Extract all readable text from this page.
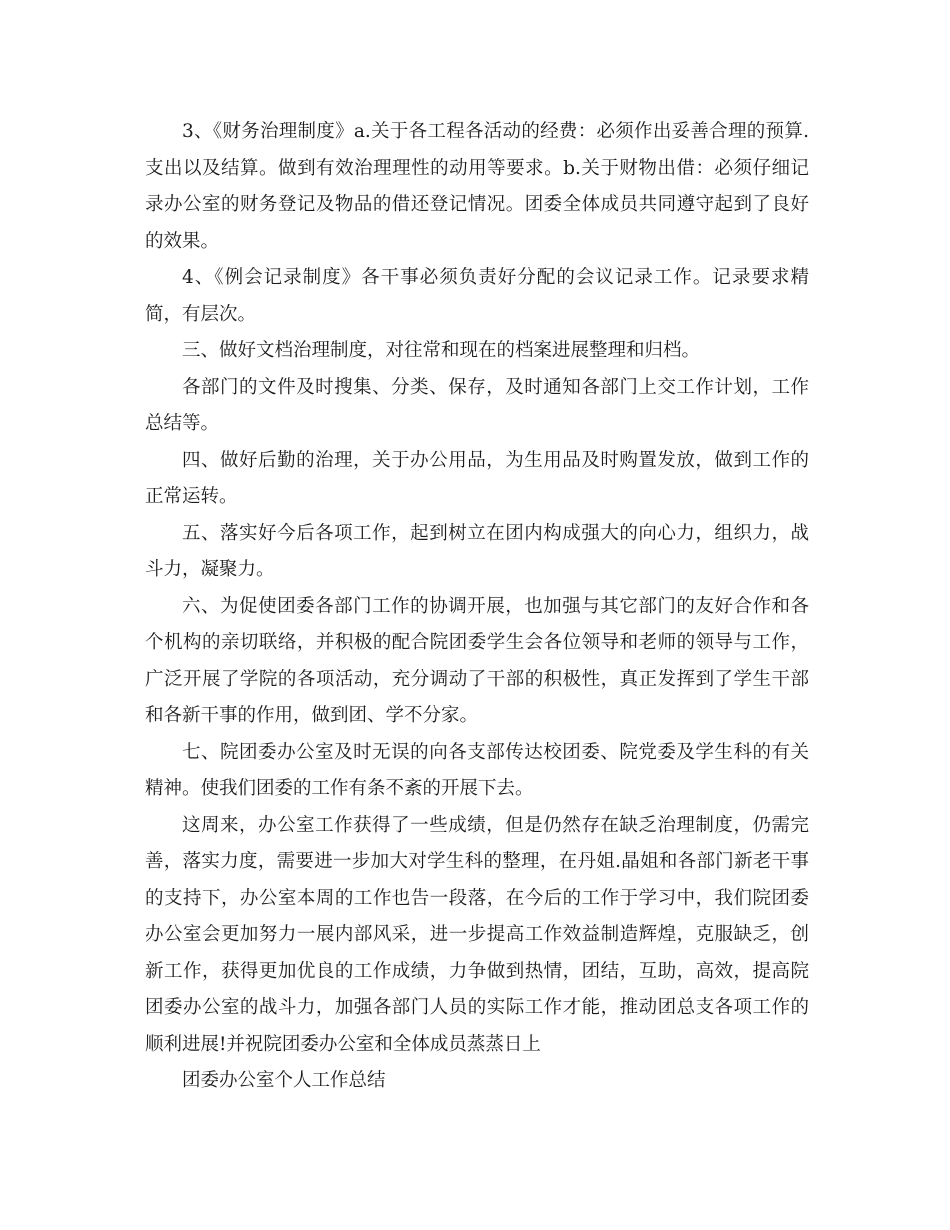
3、《财务治理制度》a.关于各工程各活动的经费：必须作出妥善合理的预算.支出以及结算。做到有效治理理性的动用等要求。b.关于财物出借：必须仔细记录办公室的财务登记及物品的借还登记情况。团委全体成员共同遵守起到了良好的效果。

4、《例会记录制度》各干事必须负责好分配的会议记录工作。记录要求精简，有层次。

三、做好文档治理制度，对往常和现在的档案进展整理和归档。

各部门的文件及时搜集、分类、保存，及时通知各部门上交工作计划，工作总结等。

四、做好后勤的治理，关于办公用品，为生用品及时购置发放，做到工作的正常运转。

五、落实好今后各项工作，起到树立在团内构成强大的向心力，组织力，战斗力，凝聚力。

六、为促使团委各部门工作的协调开展，也加强与其它部门的友好合作和各个机构的亲切联络，并积极的配合院团委学生会各位领导和老师的领导与工作，广泛开展了学院的各项活动，充分调动了干部的积极性，真正发挥到了学生干部和各新干事的作用，做到团、学不分家。

七、院团委办公室及时无误的向各支部传达校团委、院党委及学生科的有关精神。使我们团委的工作有条不紊的开展下去。

这周来，办公室工作获得了一些成绩，但是仍然存在缺乏治理制度，仍需完善，落实力度，需要进一步加大对学生科的整理，在丹姐.晶姐和各部门新老干事的支持下，办公室本周的工作也告一段落，在今后的工作于学习中，我们院团委办公室会更加努力一展内部风采，进一步提高工作效益制造辉煌，克服缺乏，创新工作，获得更加优良的工作成绩，力争做到热情，团结，互助，高效，提高院团委办公室的战斗力，加强各部门人员的实际工作才能，推动团总支各项工作的顺利进展!并祝院团委办公室和全体成员蒸蒸日上

团委办公室个人工作总结
